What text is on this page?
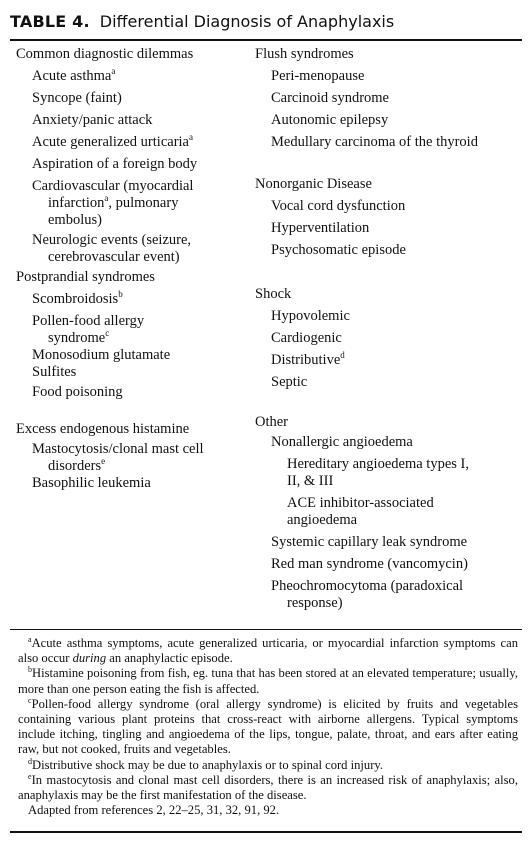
TABLE 4. Differential Diagnosis of Anaphylaxis
Common diagnostic dilemmas
Acute asthma$^a$
Syncope (faint)
Anxiety/panic attack
Acute generalized urticaria$^a$
Aspiration of a foreign body
Cardiovascular (myocardial
infarction$^a$, pulmonary
embolus)
Neurologic events (seizure,
cerebrovascular event)
Postprandial syndromes
Scombroidosis$^b$
Pollen-food allergy
syndrome$^c$
Monosodium glutamate
Sulfites
Food poisoning
Excess endogenous histamine
Mastocytosis/clonal mast cell
disorders$^e$
Basophilic leukemia
Flush syndromes
Peri-menopause
Carcinoid syndrome
Autonomic epilepsy
Medullary carcinoma of the thyroid
Nonorganic Disease
Vocal cord dysfunction
Hyperventilation
Psychosomatic episode
Shock
Hypovolemic
Cardiogenic
Distributive$^d$
Septic
Other
Nonallergic angioedema
Hereditary angioedema types I,
II, & III
ACE inhibitor-associated
angioedema
Systemic capillary leak syndrome
Red man syndrome (vancomycin)
Pheochromocytoma (paradoxical
response)

$^a$Acute asthma symptoms, acute generalized urticaria, or myocardial infarction symptoms can also occur during an anaphylactic episode.

$^b$Histamine poisoning from fish, eg. tuna that has been stored at an elevated temperature; usually, more than one person eating the fish is affected.

$^c$Pollen-food allergy syndrome (oral allergy syndrome) is elicited by fruits and vegetables containing various plant proteins that cross-react with airborne allergens. Typical symptoms include itching, tingling and angioedema of the lips, tongue, palate, throat, and ears after eating raw, but not cooked, fruits and vegetables.

$^d$Distributive shock may be due to anaphylaxis or to spinal cord injury.

$^e$In mastocytosis and clonal mast cell disorders, there is an increased risk of anaphylaxis; also, anaphylaxis may be the first manifestation of the disease.

Adapted from references 2, 22–25, 31, 32, 91, 92.
